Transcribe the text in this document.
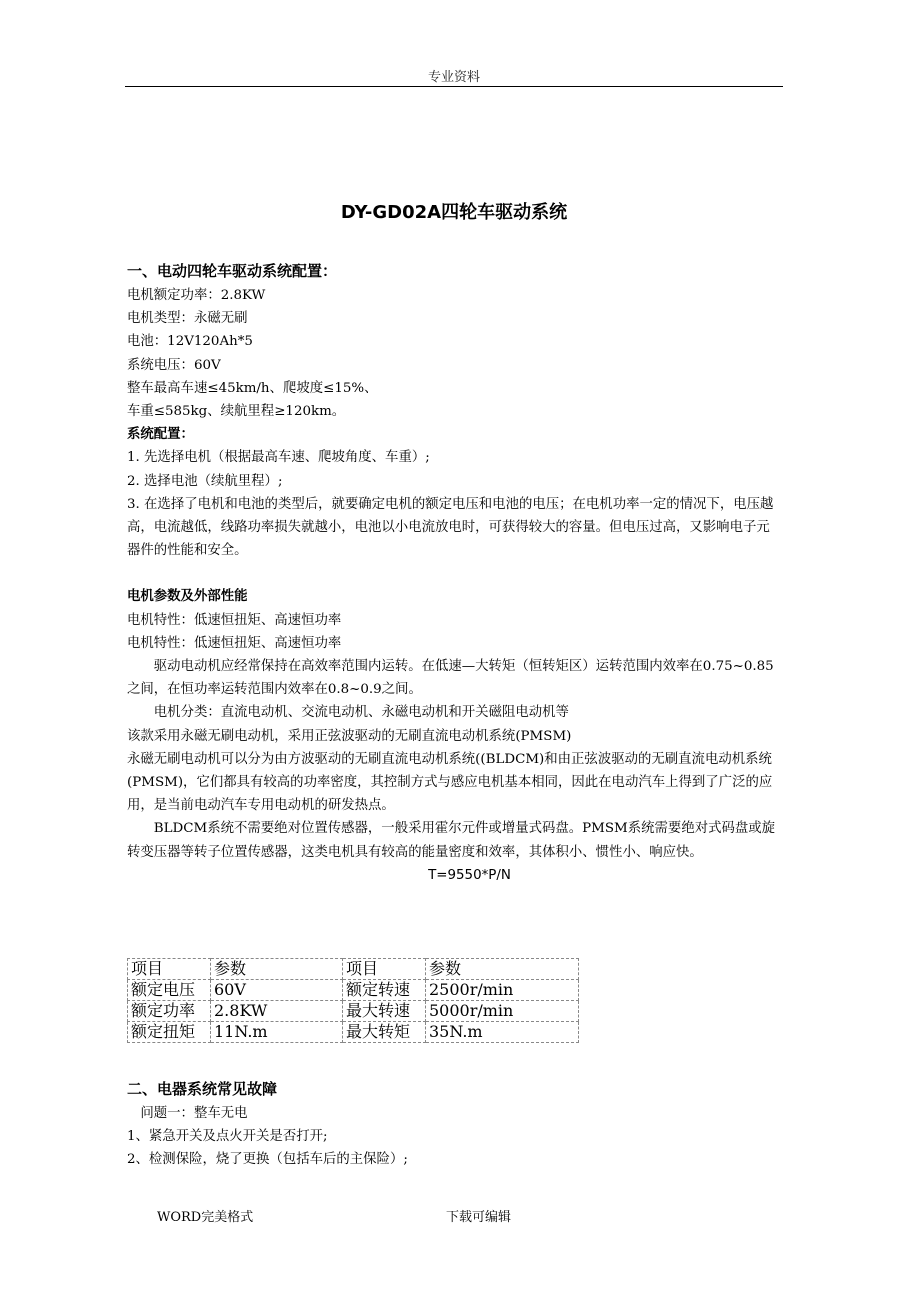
专业资料
DY-GD02A四轮车驱动系统

一、电动四轮车驱动系统配置：

电机额定功率：2.8KW

电机类型：永磁无刷

电池：12V120Ah*5

系统电压：60V

整车最高车速≤45km/h、爬坡度≤15%、

车重≤585kg、续航里程≥120km。

系统配置：

1. 先选择电机（根据最高车速、爬坡角度、车重）;

2. 选择电池（续航里程）;

3. 在选择了电机和电池的类型后，就要确定电机的额定电压和电池的电压；在电机功率一定的情况下，电压越高，电流越低，线路功率损失就越小，电池以小电流放电时，可获得较大的容量。但电压过高，又影响电子元器件的性能和安全。

电机参数及外部性能

电机特性：低速恒扭矩、高速恒功率

电机特性：低速恒扭矩、高速恒功率

驱动电动机应经常保持在高效率范围内运转。在低速—大转矩（恒转矩区）运转范围内效率在0.75~0.85之间，在恒功率运转范围内效率在0.8~0.9之间。

电机分类：直流电动机、交流电动机、永磁电动机和开关磁阻电动机等

该款采用永磁无刷电动机，采用正弦波驱动的无刷直流电动机系统(PMSM)

永磁无刷电动机可以分为由方波驱动的无刷直流电动机系统((BLDCM)和由正弦波驱动的无刷直流电动机系统(PMSM)，它们都具有较高的功率密度，其控制方式与感应电机基本相同，因此在电动汽车上得到了广泛的应用，是当前电动汽车专用电动机的研发热点。

BLDCM系统不需要绝对位置传感器，一般采用霍尔元件或增量式码盘。PMSM系统需要绝对式码盘或旋转变压器等转子位置传感器，这类电机具有较高的能量密度和效率，其体积小、惯性小、响应快。

T=9550*P/N

项目	参数	项目	参数
额定电压	60V	额定转速	2500r/min
额定功率	2.8KW	最大转速	5000r/min
额定扭矩	11N.m	最大转矩	35N.m

二、电器系统常见故障

问题一：整车无电

1、紧急开关及点火开关是否打开;

2、检测保险，烧了更换（包括车后的主保险）;

WORD完美格式	下载可编辑
